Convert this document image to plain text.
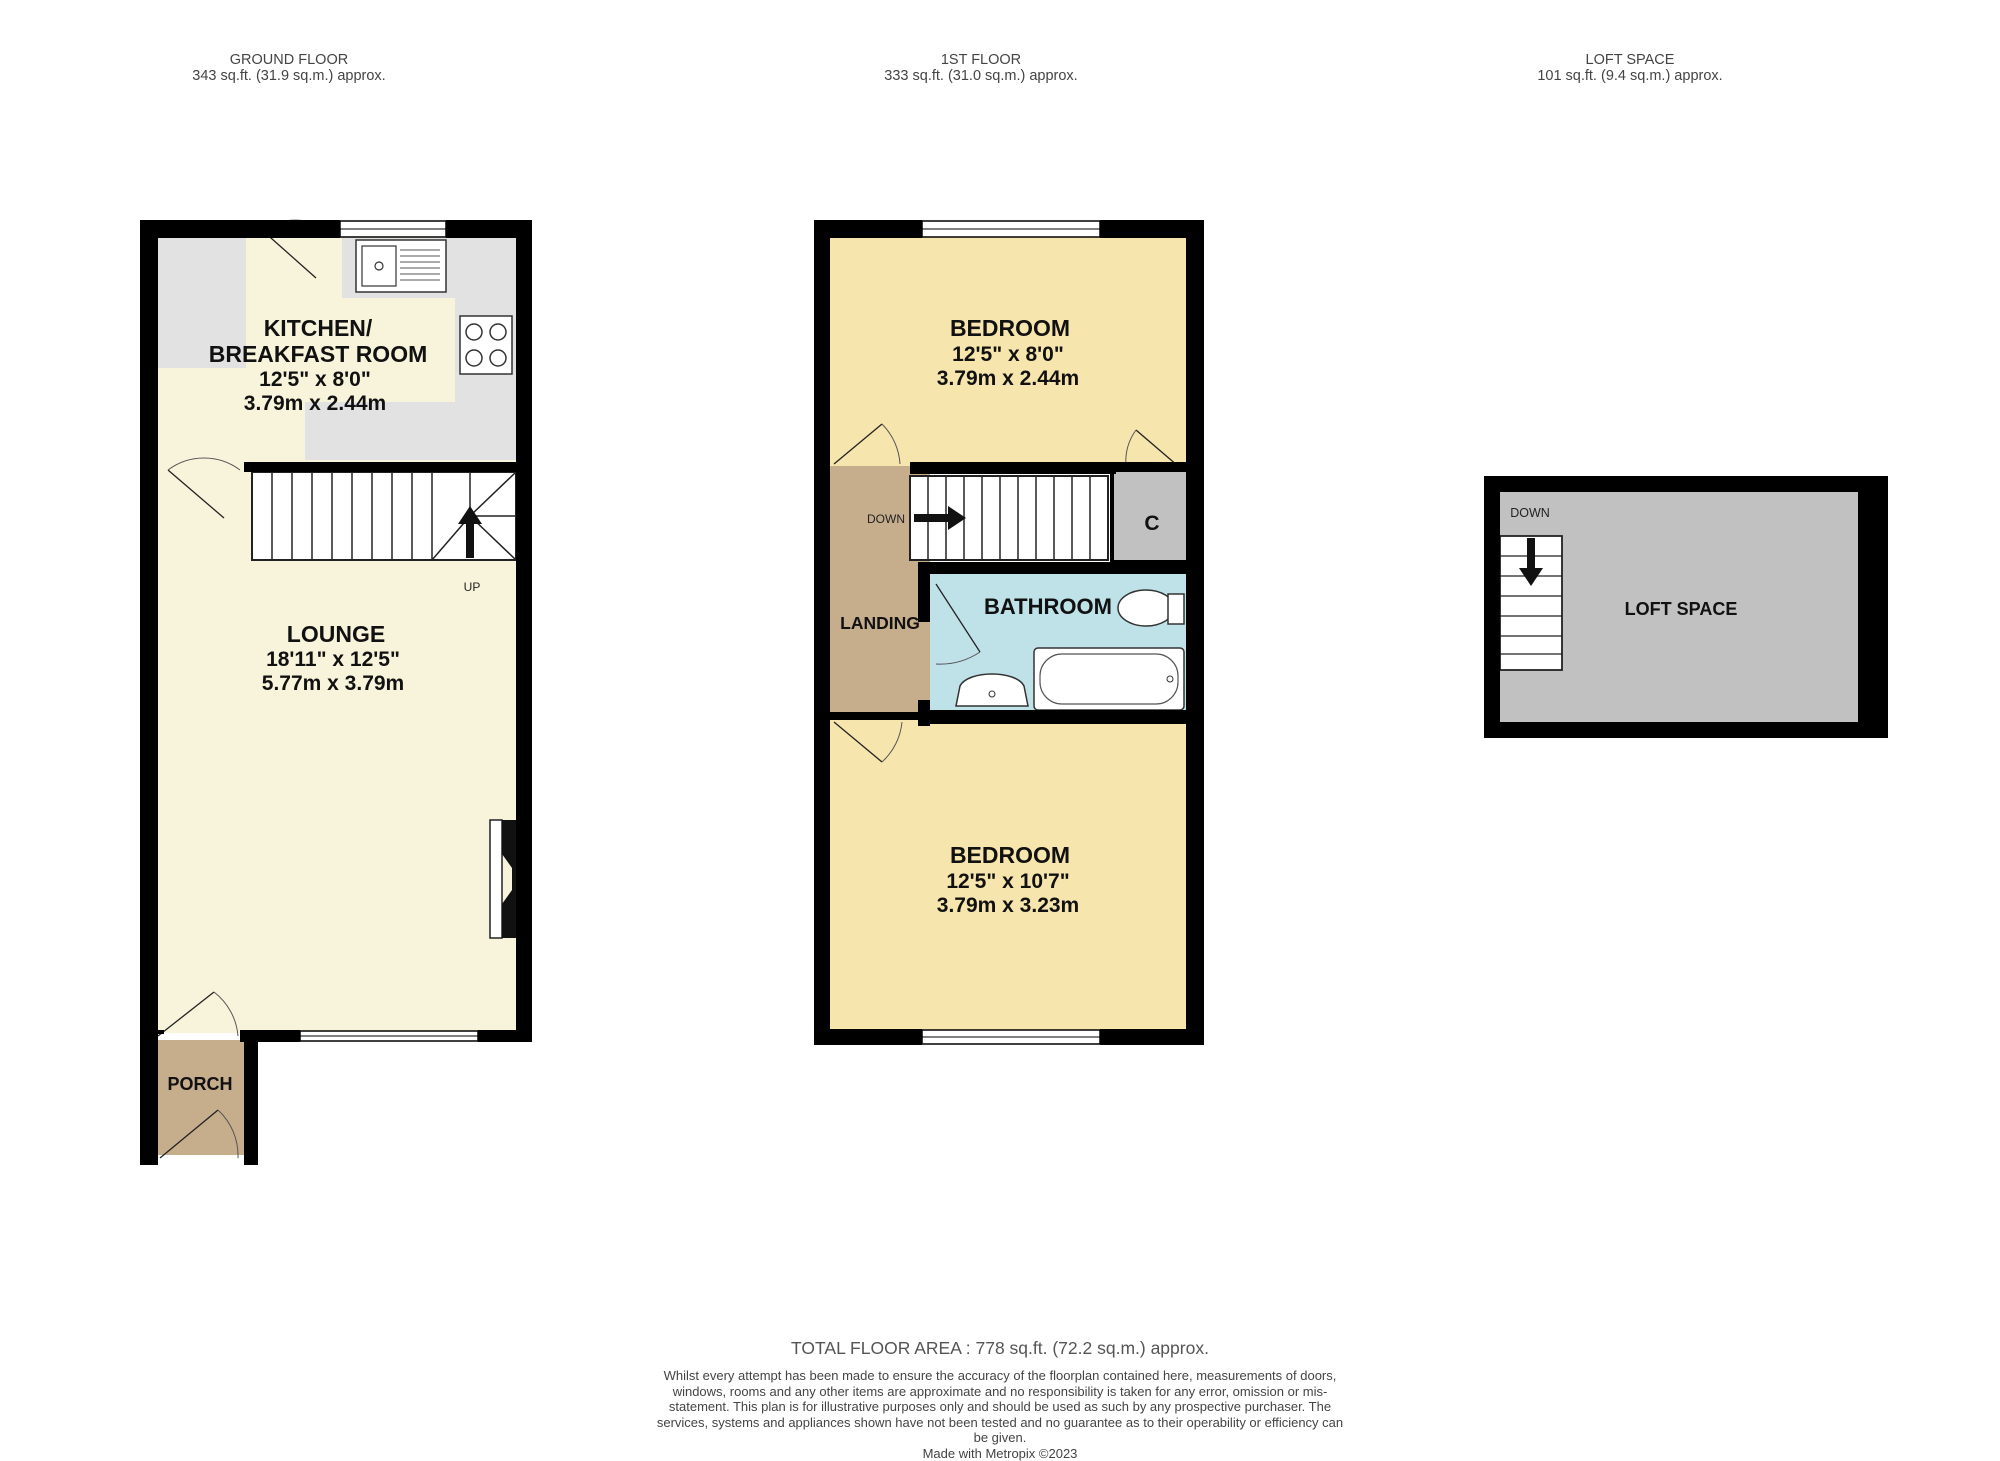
GROUND FLOOR
343 sq.ft. (31.9 sq.m.) approx.
1ST FLOOR
333 sq.ft. (31.0 sq.m.) approx.
LOFT SPACE
101 sq.ft. (9.4 sq.m.) approx.
UP
KITCHEN/
BREAKFAST ROOM
12'5" x 8'0"
3.79m x 2.44m
LOUNGE
18'11" x 12'5"
5.77m x 3.79m
PORCH
DOWN
BEDROOM
12'5" x 8'0"
3.79m x 2.44m
BEDROOM
12'5" x 10'7"
3.79m x 3.23m
BATHROOM
LANDING
C	DOWN
LOFT SPACE
TOTAL FLOOR AREA : 778 sq.ft. (72.2 sq.m.) approx.
Whilst every attempt has been made to ensure the accuracy of the floorplan contained here, measurements of doors, windows, rooms and any other items are approximate and no responsibility is taken for any error, omission or mis-statement. This plan is for illustrative purposes only and should be used as such by any prospective purchaser. The services, systems and appliances shown have not been tested and no guarantee as to their operability or efficiency can be given.
Made with Metropix ©2023
